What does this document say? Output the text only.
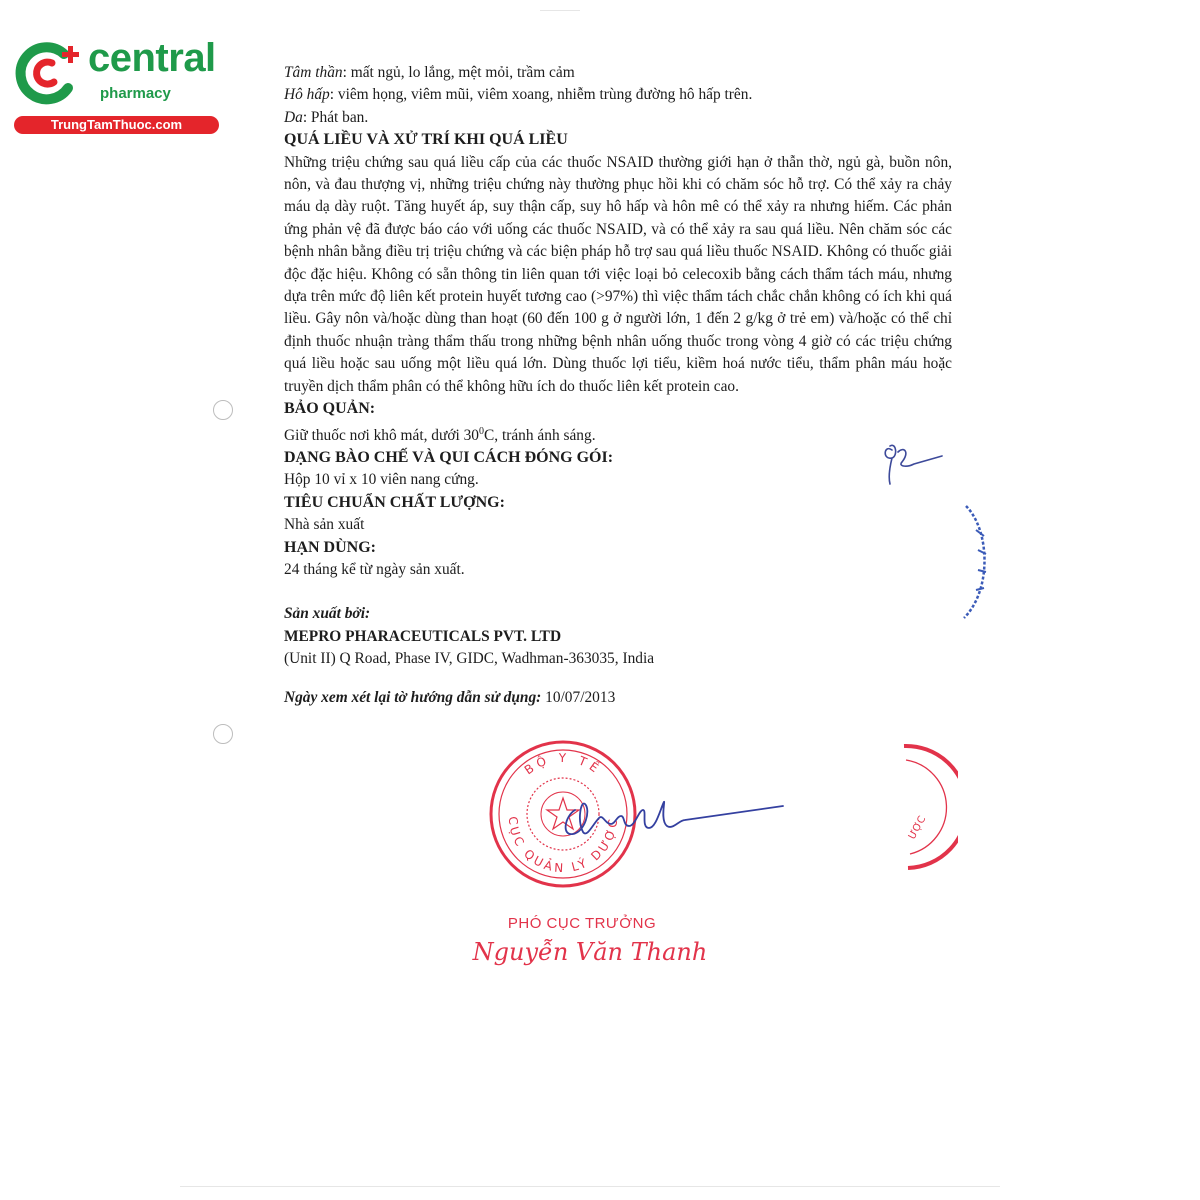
central
pharmacy
TrungTamThuoc.com
Tâm thần: mất ngủ, lo lắng, mệt mỏi, trầm cảm
Hô hấp: viêm họng, viêm mũi, viêm xoang, nhiễm trùng đường hô hấp trên.
Da: Phát ban.
QUÁ LIỀU VÀ XỬ TRÍ KHI QUÁ LIỀU
Những triệu chứng sau quá liều cấp của các thuốc NSAID thường giới hạn ở thẫn thờ, ngủ gà, buồn nôn, nôn, và đau thượng vị, những triệu chứng này thường phục hồi khi có chăm sóc hỗ trợ. Có thể xảy ra chảy máu dạ dày ruột. Tăng huyết áp, suy thận cấp, suy hô hấp và hôn mê có thể xảy ra nhưng hiếm. Các phản ứng phản vệ đã được báo cáo với uống các thuốc NSAID, và có thể xảy ra sau quá liều. Nên chăm sóc các bệnh nhân bằng điều trị triệu chứng và các biện pháp hỗ trợ sau quá liều thuốc NSAID. Không có thuốc giải độc đặc hiệu. Không có sẵn thông tin liên quan tới việc loại bỏ celecoxib bằng cách thẩm tách máu, nhưng dựa trên mức độ liên kết protein huyết tương cao (>97%) thì việc thẩm tách chắc chắn không có ích khi quá liều. Gây nôn và/hoặc dùng than hoạt (60 đến 100 g ở người lớn, 1 đến 2 g/kg ở trẻ em) và/hoặc có thể chỉ định thuốc nhuận tràng thẩm thấu trong những bệnh nhân uống thuốc trong vòng 4 giờ có các triệu chứng quá liều hoặc sau uống một liều quá lớn. Dùng thuốc lợi tiểu, kiềm hoá nước tiểu, thẩm phân máu hoặc truyền dịch thẩm phân có thể không hữu ích do thuốc liên kết protein cao.
BẢO QUẢN:
Giữ thuốc nơi khô mát, dưới $30^0C$, tránh ánh sáng.
DẠNG BÀO CHẾ VÀ QUI CÁCH ĐÓNG GÓI:
Hộp 10 vỉ x 10 viên nang cứng.
TIÊU CHUẨN CHẤT LƯỢNG:
Nhà sản xuất
HẠN DÙNG:
24 tháng kể từ ngày sản xuất.
Sản xuất bởi:
MEPRO PHARACEUTICALS PVT. LTD
(Unit II) Q Road, Phase IV, GIDC, Wadhman-363035, India
Ngày xem xét lại tờ hướng dẫn sử dụng: 10/07/2013
BỘ Y TẾ
CỤC QUẢN LÝ DƯỢC
PHÓ CỤC TRƯỞNG
Nguyễn Văn Thanh
ƯỢC
